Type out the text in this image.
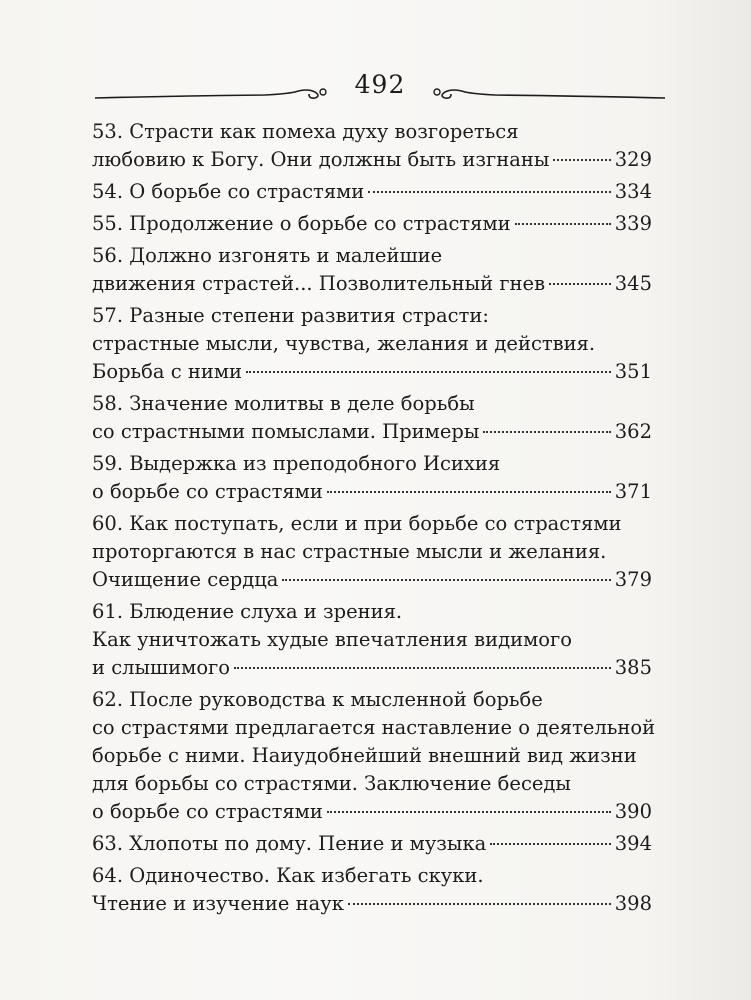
492
53. Страсти как помеха духу возгореться
любовию к Богу. Они должны быть изгнаны	329
54. О борьбе со страстями	334
55. Продолжение о борьбе со страстями	339
56. Должно изгонять и малейшие
движения страстей... Позволительный гнев	345
57. Разные степени развития страсти:
страстные мысли, чувства, желания и действия.
Борьба с ними	351
58. Значение молитвы в деле борьбы
со страстными помыслами. Примеры	362
59. Выдержка из преподобного Исихия
о борьбе со страстями	371
60. Как поступать, если и при борьбе со страстями
проторгаются в нас страстные мысли и желания.
Очищение сердца	379
61. Блюдение слуха и зрения.
Как уничтожать худые впечатления видимого
и слышимого	385
62. После руководства к мысленной борьбе
со страстями предлагается наставление о деятельной
борьбе с ними. Наиудобнейший внешний вид жизни
для борьбы со страстями. Заключение беседы
о борьбе со страстями	390
63. Хлопоты по дому. Пение и музыка	394
64. Одиночество. Как избегать скуки.
Чтение и изучение наук	398
